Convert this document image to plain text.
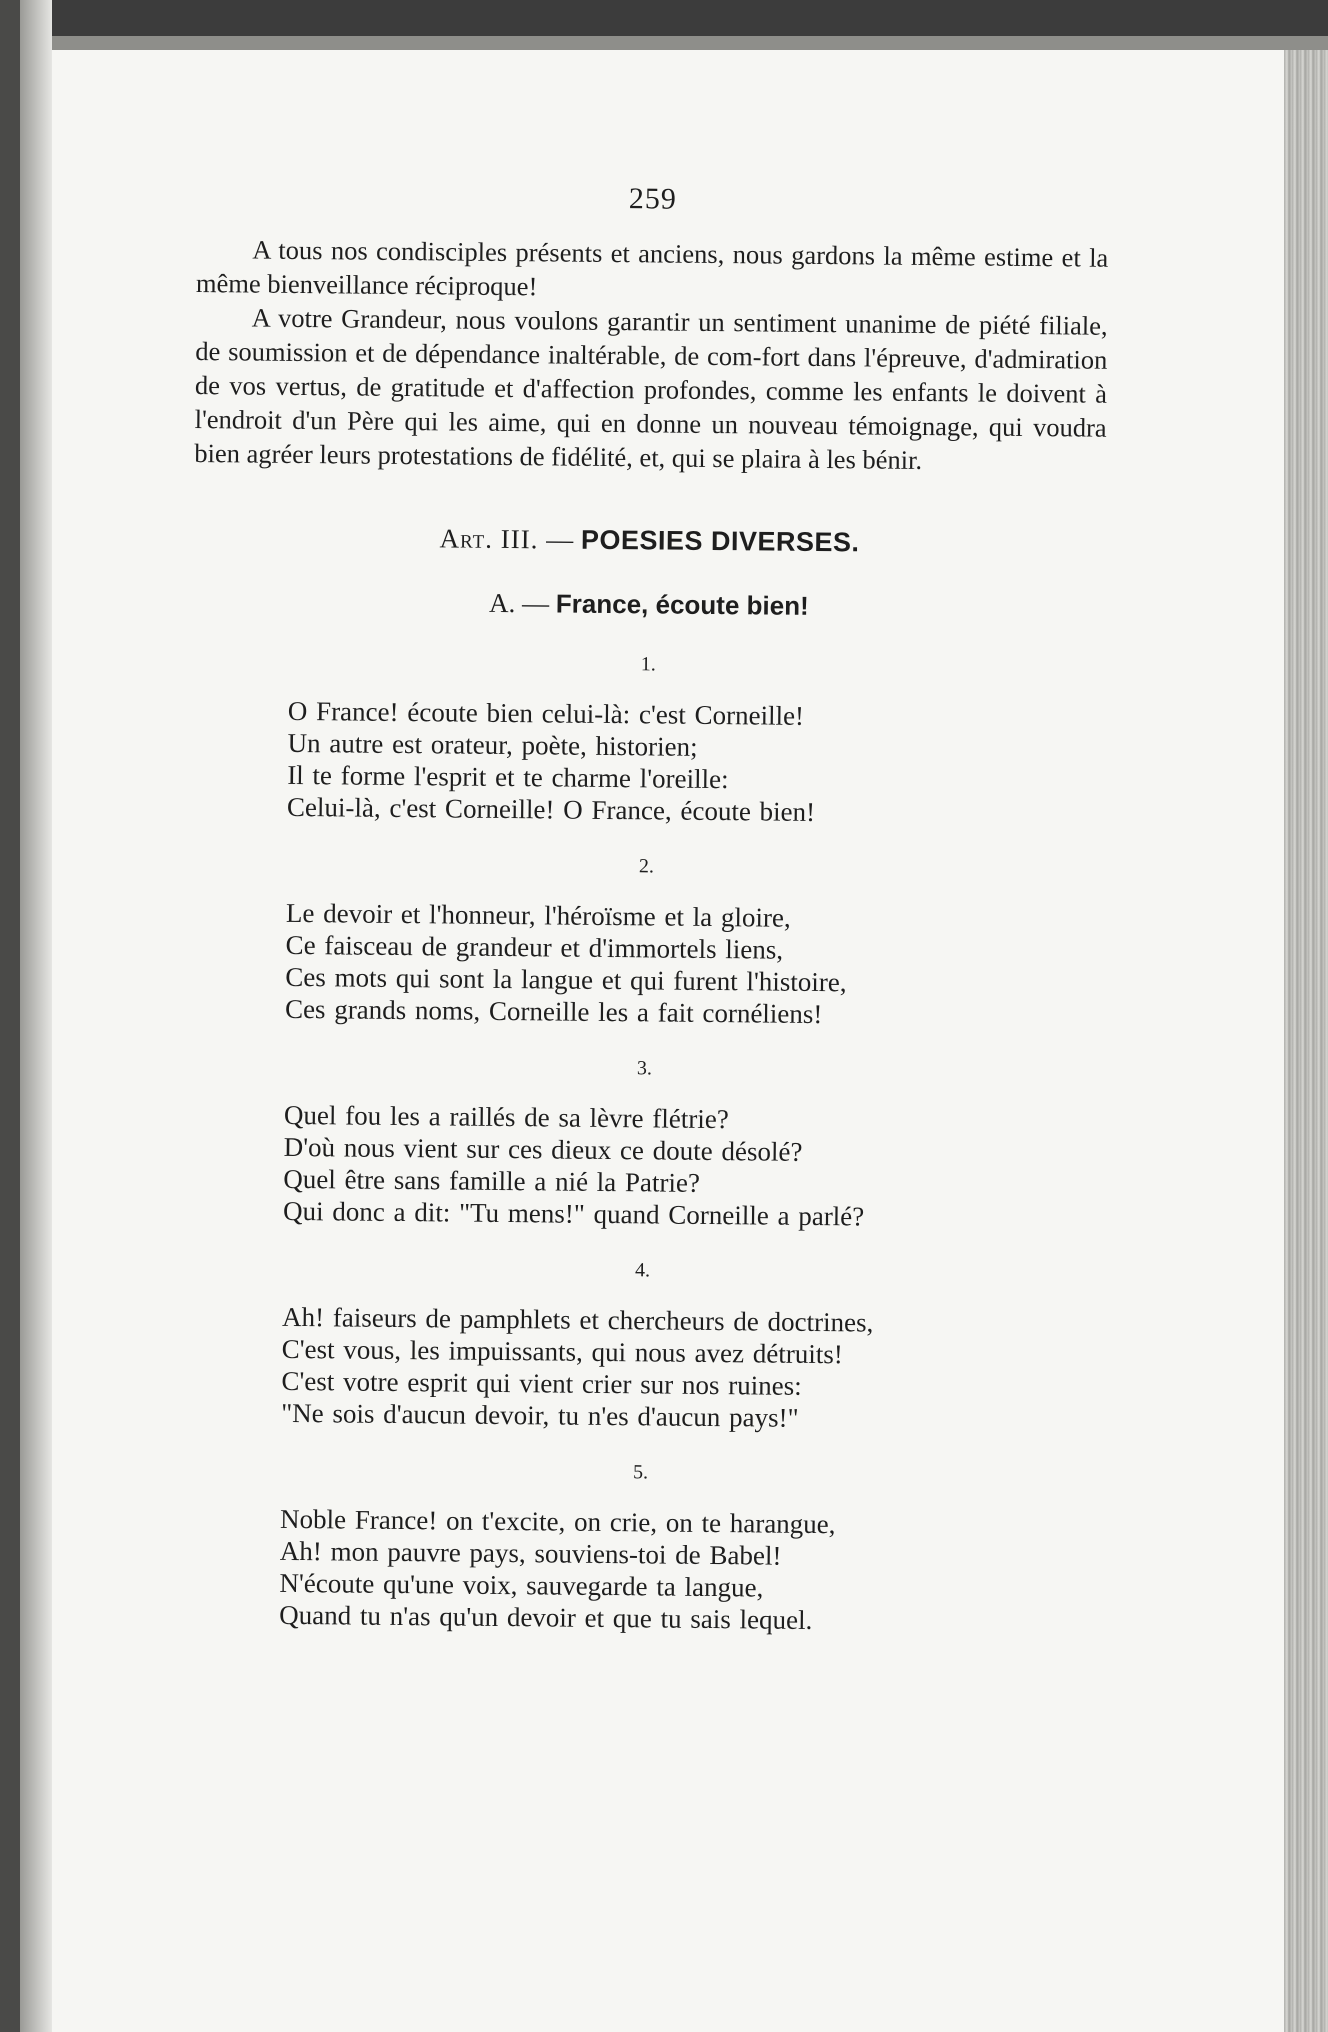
259

A tous nos condisciples présents et anciens, nous gardons la même estime et la même bienveillance réciproque!

A votre Grandeur, nous voulons garantir un sentiment unanime de piété filiale, de soumission et de dépendance inaltérable, de com-fort dans l'épreuve, d'admiration de vos vertus, de gratitude et d'affection profondes, comme les enfants le doivent à l'endroit d'un Père qui les aime, qui en donne un nouveau témoignage, qui voudra bien agréer leurs protestations de fidélité, et, qui se plaira à les bénir.

Art. III. — POESIES DIVERSES.
A. — France, écoute bien!
1.
O France! écoute bien celui-là: c'est Corneille!
Un autre est orateur, poète, historien;
Il te forme l'esprit et te charme l'oreille:
Celui-là, c'est Corneille! O France, écoute bien!
2.
Le devoir et l'honneur, l'héroïsme et la gloire,
Ce faisceau de grandeur et d'immortels liens,
Ces mots qui sont la langue et qui furent l'histoire,
Ces grands noms, Corneille les a fait cornéliens!
3.
Quel fou les a raillés de sa lèvre flétrie?
D'où nous vient sur ces dieux ce doute désolé?
Quel être sans famille a nié la Patrie?
Qui donc a dit: "Tu mens!" quand Corneille a parlé?
4.
Ah! faiseurs de pamphlets et chercheurs de doctrines,
C'est vous, les impuissants, qui nous avez détruits!
C'est votre esprit qui vient crier sur nos ruines:
"Ne sois d'aucun devoir, tu n'es d'aucun pays!"
5.
Noble France! on t'excite, on crie, on te harangue,
Ah! mon pauvre pays, souviens-toi de Babel!
N'écoute qu'une voix, sauvegarde ta langue,
Quand tu n'as qu'un devoir et que tu sais lequel.
